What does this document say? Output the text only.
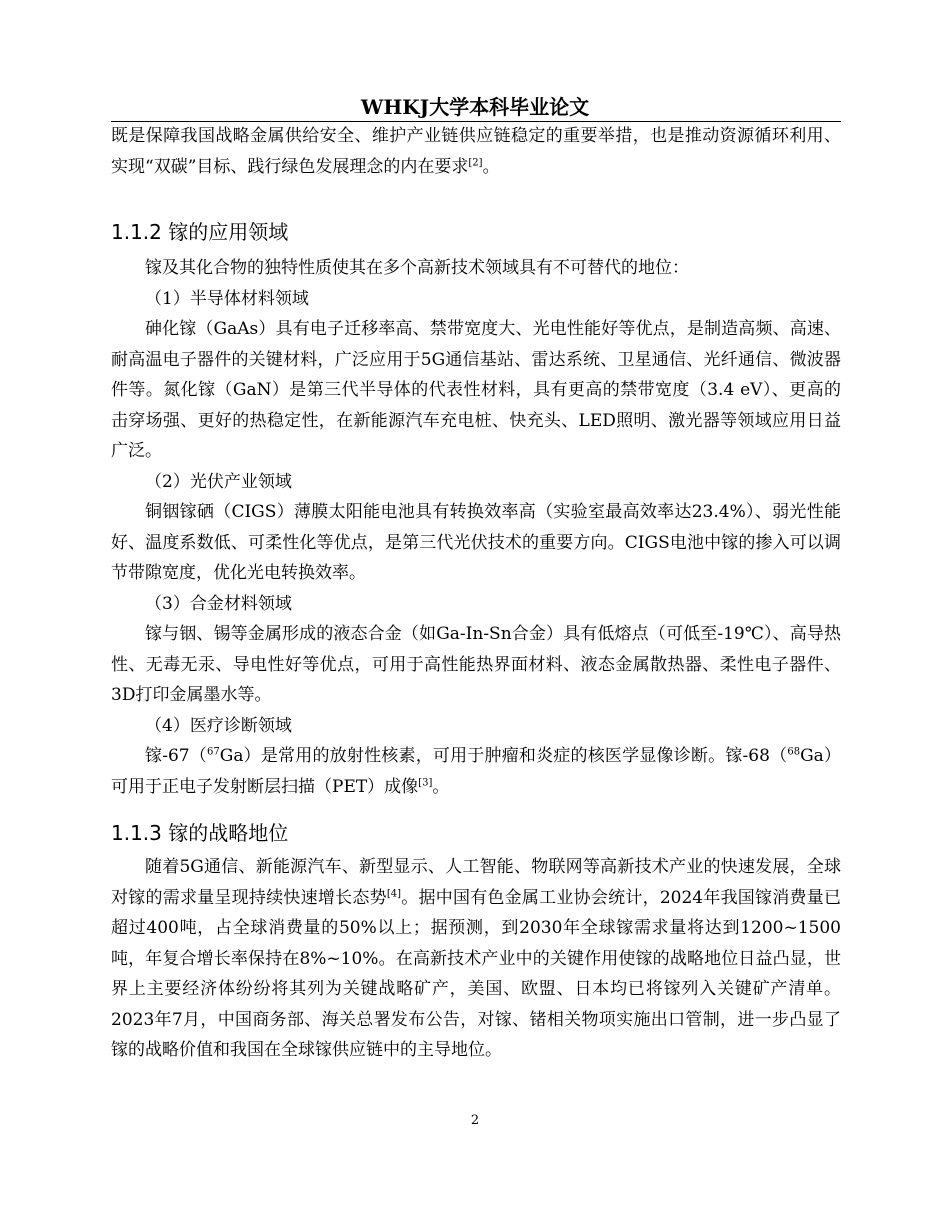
WHKJ大学本科毕业论文

既是保障我国战略金属供给安全、维护产业链供应链稳定的重要举措，也是推动资源循环利用、实现“双碳”目标、践行绿色发展理念的内在要求[2]。

1.1.2 镓的应用领域

镓及其化合物的独特性质使其在多个高新技术领域具有不可替代的地位：

（1）半导体材料领域

砷化镓（GaAs）具有电子迁移率高、禁带宽度大、光电性能好等优点，是制造高频、高速、耐高温电子器件的关键材料，广泛应用于5G通信基站、雷达系统、卫星通信、光纤通信、微波器件等。氮化镓（GaN）是第三代半导体的代表性材料，具有更高的禁带宽度（3.4 eV）、更高的击穿场强、更好的热稳定性，在新能源汽车充电桩、快充头、LED照明、激光器等领域应用日益广泛。

（2）光伏产业领域

铜铟镓硒（CIGS）薄膜太阳能电池具有转换效率高（实验室最高效率达23.4%）、弱光性能好、温度系数低、可柔性化等优点，是第三代光伏技术的重要方向。CIGS电池中镓的掺入可以调节带隙宽度，优化光电转换效率。

（3）合金材料领域

镓与铟、锡等金属形成的液态合金（如Ga-In-Sn合金）具有低熔点（可低至-19℃）、高导热性、无毒无汞、导电性好等优点，可用于高性能热界面材料、液态金属散热器、柔性电子器件、3D打印金属墨水等。

（4）医疗诊断领域

镓-67（$^{67}$Ga）是常用的放射性核素，可用于肿瘤和炎症的核医学显像诊断。镓-68（$^{68}$Ga）可用于正电子发射断层扫描（PET）成像[3]。

1.1.3 镓的战略地位

随着5G通信、新能源汽车、新型显示、人工智能、物联网等高新技术产业的快速发展，全球对镓的需求量呈现持续快速增长态势[4]。据中国有色金属工业协会统计，2024年我国镓消费量已超过400吨，占全球消费量的50%以上；据预测，到2030年全球镓需求量将达到1200~1500吨，年复合增长率保持在8%~10%。在高新技术产业中的关键作用使镓的战略地位日益凸显，世界上主要经济体纷纷将其列为关键战略矿产，美国、欧盟、日本均已将镓列入关键矿产清单。2023年7月，中国商务部、海关总署发布公告，对镓、锗相关物项实施出口管制，进一步凸显了镓的战略价值和我国在全球镓供应链中的主导地位。

2
